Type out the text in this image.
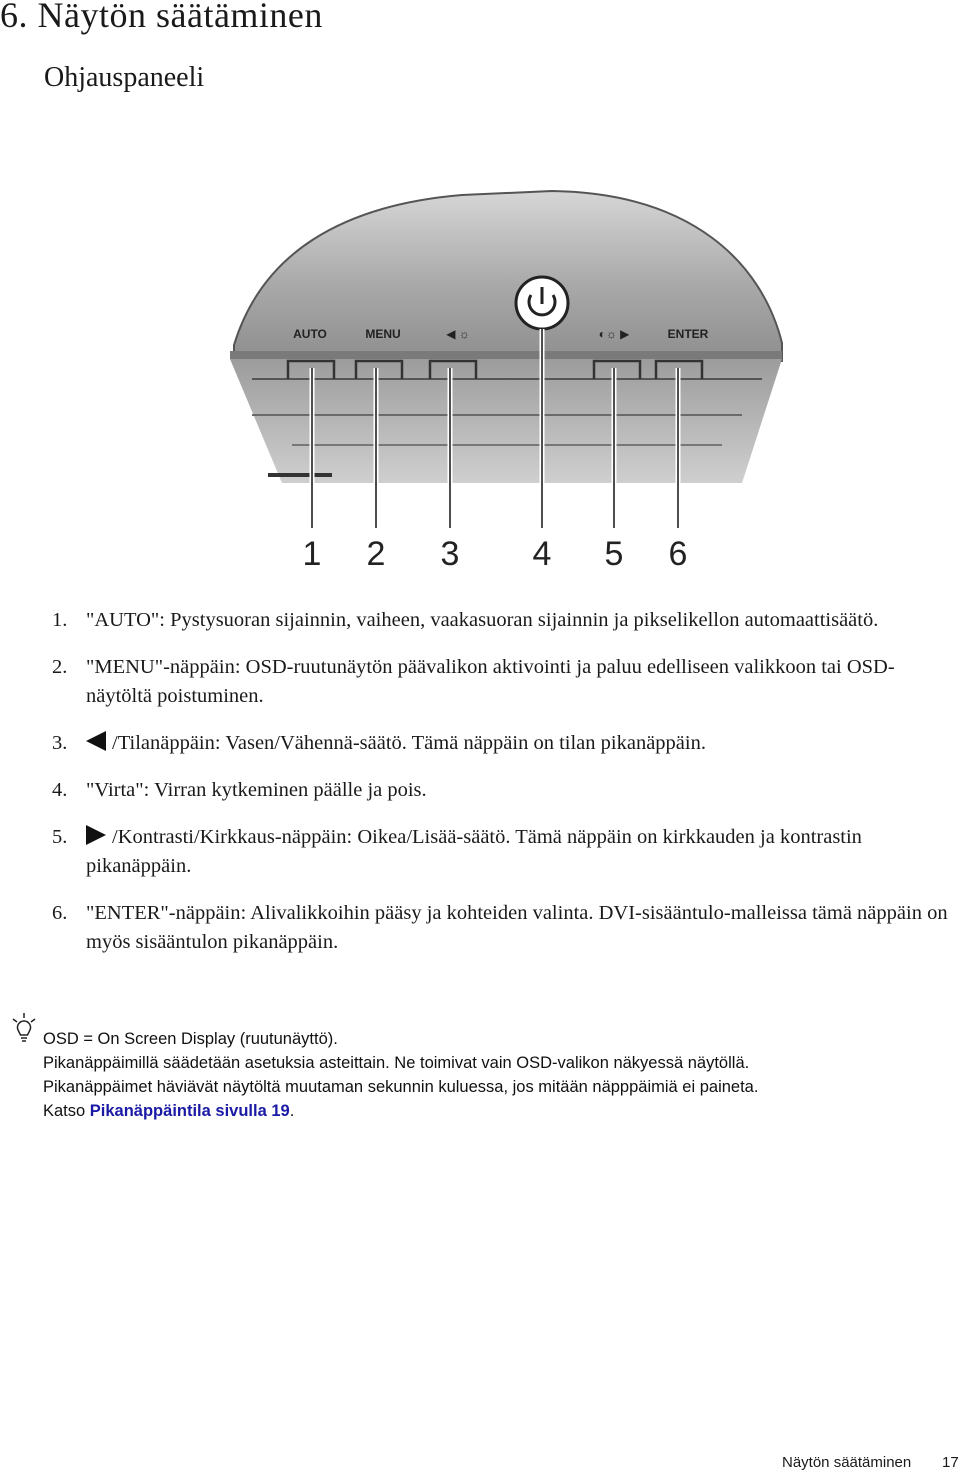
6. Näytön säätäminen
Ohjauspaneeli
AUTO	MENU	◀ ☼	◐☼ ▶	ENTER
1 2 3 4 5 6
1. "AUTO": Pystysuoran sijainnin, vaiheen, vaakasuoran sijainnin ja pikselikellon automaattisäätö.
2. "MENU"-näppäin: OSD-ruutunäytön päävalikon aktivointi ja paluu edelliseen valikkoon tai OSD-näytöltä poistuminen.
3. /Tilanäppäin: Vasen/Vähennä-säätö. Tämä näppäin on tilan pikanäppäin.
4. "Virta": Virran kytkeminen päälle ja pois.
5. /Kontrasti/Kirkkaus-näppäin: Oikea/Lisää-säätö. Tämä näppäin on kirkkauden ja kontrastin pikanäppäin.
6. "ENTER"-näppäin: Alivalikkoihin pääsy ja kohteiden valinta. DVI-sisääntulo-malleissa tämä näppäin on myös sisääntulon pikanäppäin.
OSD = On Screen Display (ruutunäyttö).
Pikanäppäimillä säädetään asetuksia asteittain. Ne toimivat vain OSD-valikon näkyessä näytöllä.
Pikanäppäimet häviävät näytöltä muutaman sekunnin kuluessa, jos mitään näpppäimiä ei paineta.
Katso Pikanäppäintila sivulla 19.
Näytön säätäminen 17
